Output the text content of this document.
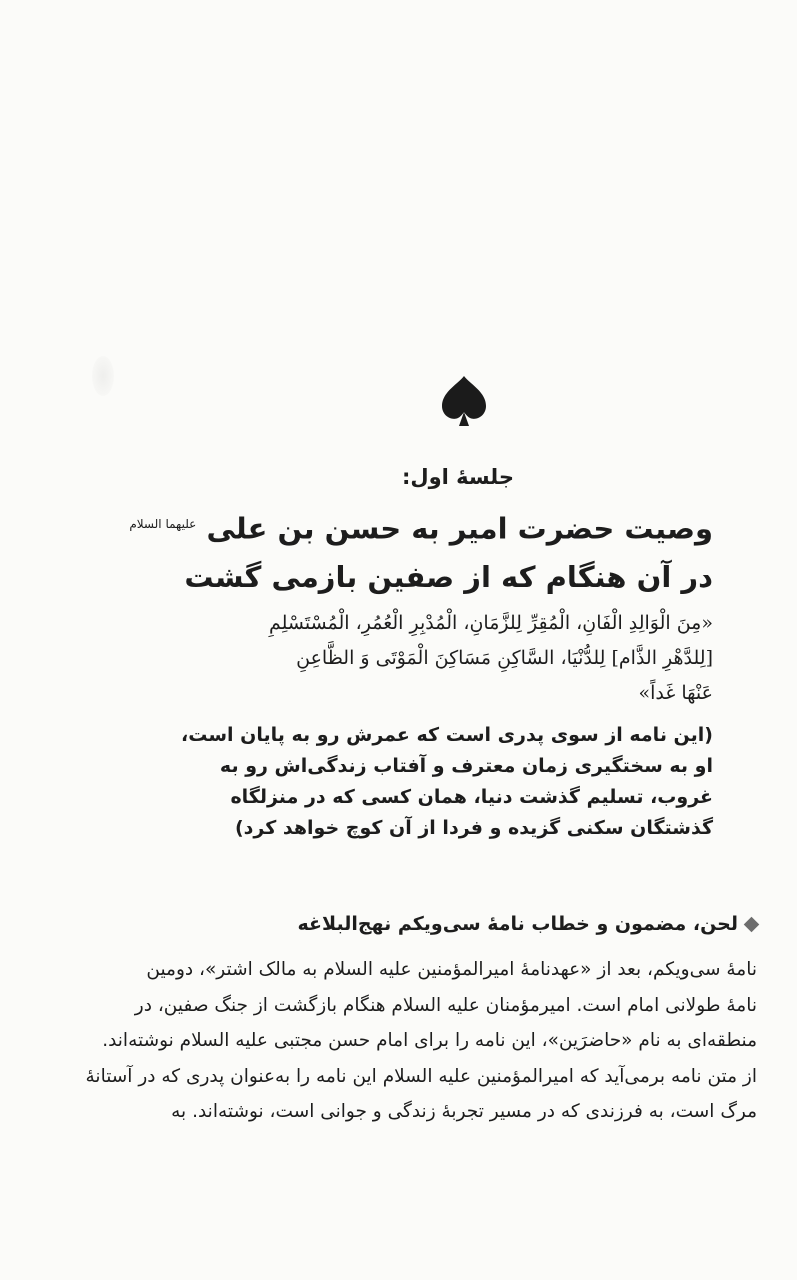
جلسهٔ اول:
وصیت حضرت امیر به حسن بن علی $^{علیهما السلام}$
در آن هنگام که از صفین بازمی گشت
«مِنَ الْوَالِدِ الْفَانِ، الْمُقِرِّ لِلزَّمَانِ، الْمُدْبِرِ الْعُمُرِ، الْمُسْتَسْلِمِ
[لِلدَّهْرِ الذَّام] لِلدُّنْيَا، السَّاكِنِ مَسَاكِنَ الْمَوْتَى وَ الظَّاعِنِ
عَنْهَا غَداً»
(این نامه از سوی پدری است که عمرش رو به پایان است،
او به سختگیری زمان معترف و آفتاب زندگی‌اش رو به
غروب، تسلیم گذشت دنیا، همان کسی که در منزلگاه
گذشتگان سکنی گزیده و فردا از آن کوچ خواهد کرد)
لحن، مضمون و خطاب نامهٔ سی‌ویکم نهج‌البلاغه
نامهٔ سی‌ویکم، بعد از «عهدنامهٔ امیرالمؤمنین علیه السلام به مالک اشتر»، دومین
نامهٔ طولانی امام است. امیرمؤمنان علیه السلام هنگام بازگشت از جنگ صفین، در
منطقه‌ای به نام «حاضرَین»، این نامه را برای امام حسن مجتبی علیه السلام نوشته‌اند.
از متن نامه برمی‌آید که امیرالمؤمنین علیه السلام این نامه را به‌عنوان پدری که در آستانهٔ
مرگ است، به فرزندی که در مسیر تجربهٔ زندگی و جوانی است، نوشته‌اند. به
